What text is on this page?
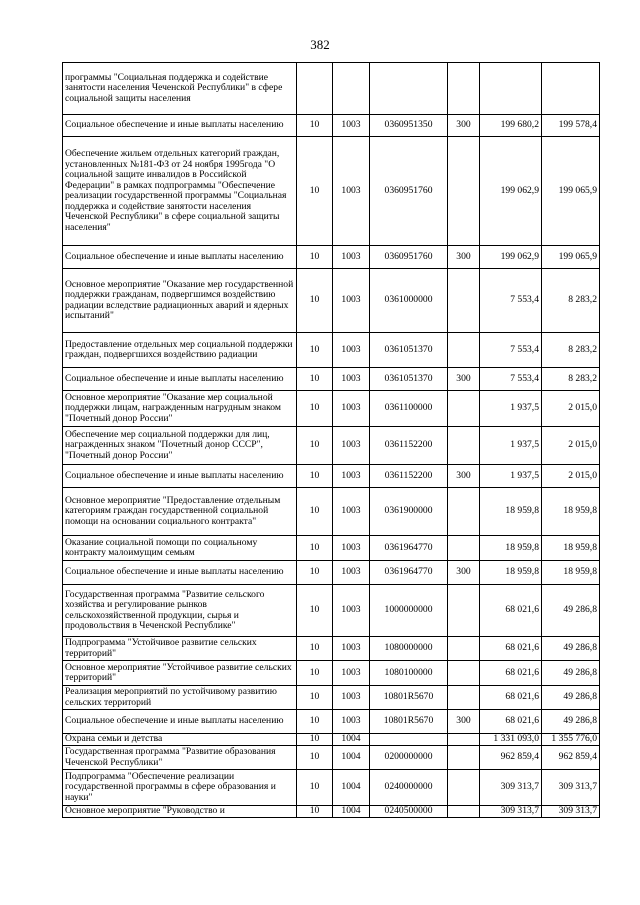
382
программы "Социальная поддержка и содействие занятости населения Чеченской Республики" в сфере социальной защиты населения						
Социальное обеспечение и иные выплаты населению	10	1003	0360951350	300	199 680,2	199 578,4
Обеспечение жильем отдельных категорий граждан, установленных №181-ФЗ от 24 ноября 1995года "О социальной защите инвалидов в Российской Федерации" в рамках подпрограммы "Обеспечение реализации государственной программы "Социальная поддержка и содействие занятости населения Чеченской Республики" в сфере социальной защиты населения"	10	1003	0360951760		199 062,9	199 065,9
Социальное обеспечение и иные выплаты населению	10	1003	0360951760	300	199 062,9	199 065,9
Основное мероприятие "Оказание мер государственной поддержки гражданам, подвергшимся воздействию радиации вследствие радиационных аварий и ядерных испытаний"	10	1003	0361000000		7 553,4	8 283,2
Предоставление отдельных мер социальной поддержки граждан, подвергшихся воздействию радиации	10	1003	0361051370		7 553,4	8 283,2
Социальное обеспечение и иные выплаты населению	10	1003	0361051370	300	7 553,4	8 283,2
Основное мероприятие "Оказание мер социальной поддержки лицам, награжденным нагрудным знаком "Почетный донор России"	10	1003	0361100000		1 937,5	2 015,0
Обеспечение мер социальной поддержки для лиц, награжденных знаком "Почетный донор СССР", "Почетный донор России"	10	1003	0361152200		1 937,5	2 015,0
Социальное обеспечение и иные выплаты населению	10	1003	0361152200	300	1 937,5	2 015,0
Основное мероприятие "Предоставление отдельным категориям граждан государственной социальной помощи на основании социального контракта"	10	1003	0361900000		18 959,8	18 959,8
Оказание социальной помощи по социальному контракту малоимущим семьям	10	1003	0361964770		18 959,8	18 959,8
Социальное обеспечение и иные выплаты населению	10	1003	0361964770	300	18 959,8	18 959,8
Государственная программа "Развитие сельского хозяйства и регулирование рынков сельскохозяйственной продукции, сырья и продовольствия в Чеченской Республике"	10	1003	1000000000		68 021,6	49 286,8
Подпрограмма "Устойчивое развитие сельских территорий"	10	1003	1080000000		68 021,6	49 286,8
Основное мероприятие "Устойчивое развитие сельских территорий"	10	1003	1080100000		68 021,6	49 286,8
Реализация мероприятий по устойчивому развитию сельских территорий	10	1003	10801R5670		68 021,6	49 286,8
Социальное обеспечение и иные выплаты населению	10	1003	10801R5670	300	68 021,6	49 286,8
Охрана семьи и детства	10	1004			1 331 093,0	1 355 776,0
Государственная программа "Развитие образования Чеченской Республики"	10	1004	0200000000		962 859,4	962 859,4
Подпрограмма "Обеспечение реализации государственной программы в сфере образования и науки"	10	1004	0240000000		309 313,7	309 313,7
Основное мероприятие "Руководство и	10	1004	0240500000		309 313,7	309 313,7
